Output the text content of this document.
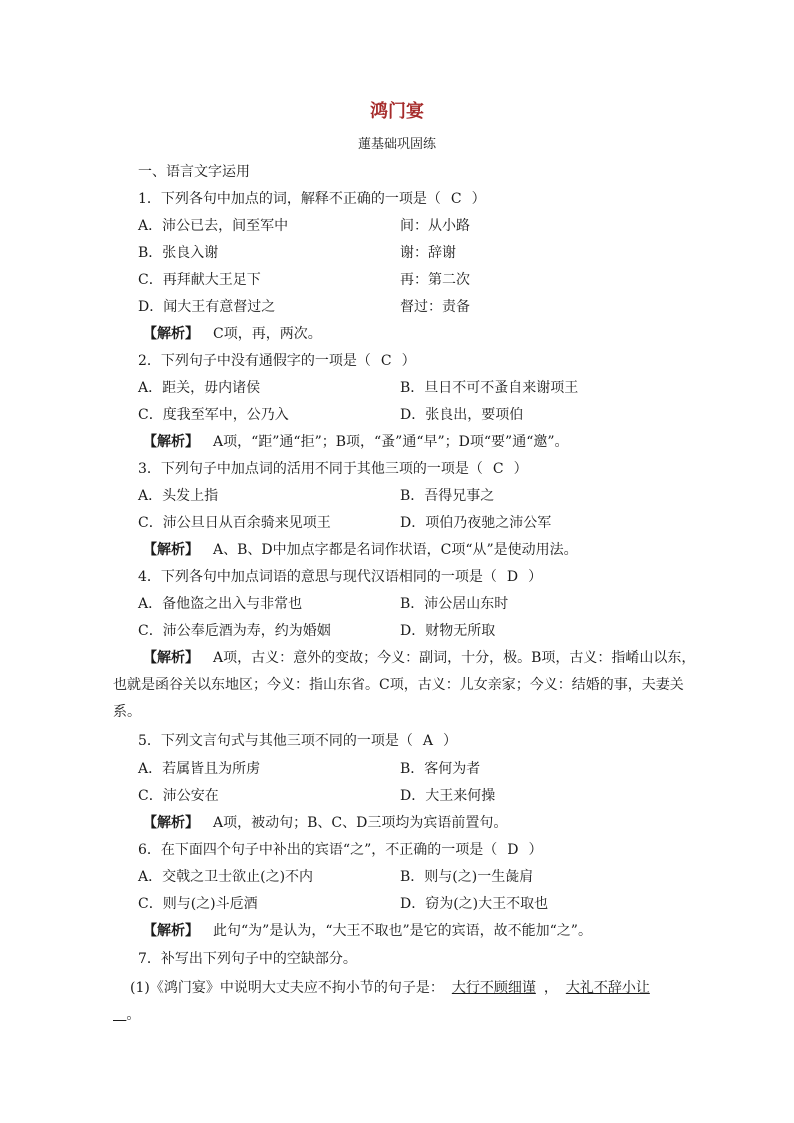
鸿门宴
蓮基础巩固练
一、语言文字运用
1．下列各句中加点的词，解释不正确的一项是（ C ）
A．沛公已去，间至军中	间：从小路
B．张良入谢	谢：辞谢
C．再拜献大王足下	再：第二次
D．闻大王有意督过之	督过：责备
【解析】 C项，再，两次。
2．下列句子中没有通假字的一项是（ C ）
A．距关，毋内诸侯	B．旦日不可不蚤自来谢项王
C．度我至军中，公乃入	D．张良出，要项伯
【解析】 A项，“距”通“拒”；B项，“蚤”通“早”；D项“要”通“邀”。
3．下列句子中加点词的活用不同于其他三项的一项是（ C ）
A．头发上指	B．吾得兄事之
C．沛公旦日从百余骑来见项王	D．项伯乃夜驰之沛公军
【解析】 A、B、D中加点字都是名词作状语，C项“从”是使动用法。
4．下列各句中加点词语的意思与现代汉语相同的一项是（ D ）
A．备他盗之出入与非常也	B．沛公居山东时
C．沛公奉卮酒为寿，约为婚姻	D．财物无所取
【解析】 A项，古义：意外的变故；今义：副词，十分，极。B项，古义：指崤山以东，
也就是函谷关以东地区；今义：指山东省。C项，古义：儿女亲家；今义：结婚的事，夫妻关
系。
5．下列文言句式与其他三项不同的一项是（ A ）
A．若属皆且为所虏	B．客何为者
C．沛公安在	D．大王来何操
【解析】 A项，被动句；B、C、D三项均为宾语前置句。
6．在下面四个句子中补出的宾语“之”，不正确的一项是（ D ）
A．交戟之卫士欲止(之)不内	B．则与(之)一生彘肩
C．则与(之)斗卮酒	D．窃为(之)大王不取也
【解析】 此句“为”是认为，“大王不取也”是它的宾语，故不能加“之”。
7．补写出下列句子中的空缺部分。
(1)《鸿门宴》中说明大丈夫应不拘小节的句子是： 大行不顾细谨 ， 大礼不辞小让
。
